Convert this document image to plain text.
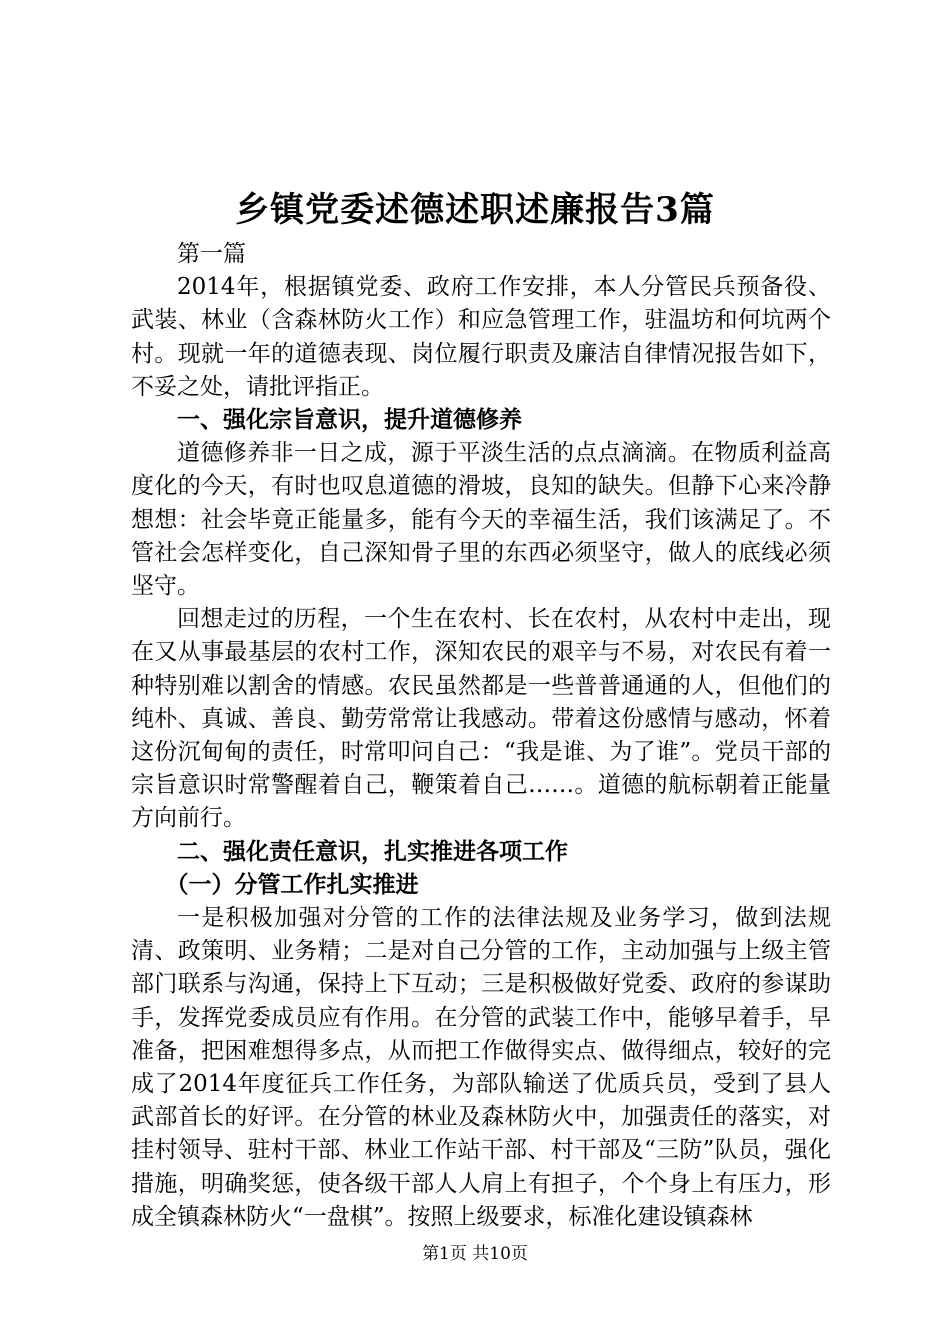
乡镇党委述德述职述廉报告3篇

第一篇

2014年，根据镇党委、政府工作安排，本人分管民兵预备役、武装、林业（含森林防火工作）和应急管理工作，驻温坊和何坑两个村。现就一年的道德表现、岗位履行职责及廉洁自律情况报告如下，不妥之处，请批评指正。

一、强化宗旨意识，提升道德修养

道德修养非一日之成，源于平淡生活的点点滴滴。在物质利益高度化的今天，有时也叹息道德的滑坡，良知的缺失。但静下心来冷静想想：社会毕竟正能量多，能有今天的幸福生活，我们该满足了。不管社会怎样变化，自己深知骨子里的东西必须坚守，做人的底线必须坚守。

回想走过的历程，一个生在农村、长在农村，从农村中走出，现在又从事最基层的农村工作，深知农民的艰辛与不易，对农民有着一种特别难以割舍的情感。农民虽然都是一些普普通通的人，但他们的纯朴、真诚、善良、勤劳常常让我感动。带着这份感情与感动，怀着这份沉甸甸的责任，时常叩问自己：“我是谁、为了谁”。党员干部的宗旨意识时常警醒着自己，鞭策着自己……。道德的航标朝着正能量方向前行。

二、强化责任意识，扎实推进各项工作

（一）分管工作扎实推进

一是积极加强对分管的工作的法律法规及业务学习，做到法规清、政策明、业务精；二是对自己分管的工作，主动加强与上级主管部门联系与沟通，保持上下互动；三是积极做好党委、政府的参谋助手，发挥党委成员应有作用。在分管的武装工作中，能够早着手，早准备，把困难想得多点，从而把工作做得实点、做得细点，较好的完成了2014年度征兵工作任务，为部队输送了优质兵员，受到了县人武部首长的好评。在分管的林业及森林防火中，加强责任的落实，对挂村领导、驻村干部、林业工作站干部、村干部及“三防”队员，强化措施，明确奖惩，使各级干部人人肩上有担子，个个身上有压力，形成全镇森林防火“一盘棋”。按照上级要求，标准化建设镇森林

第1页 共10页
